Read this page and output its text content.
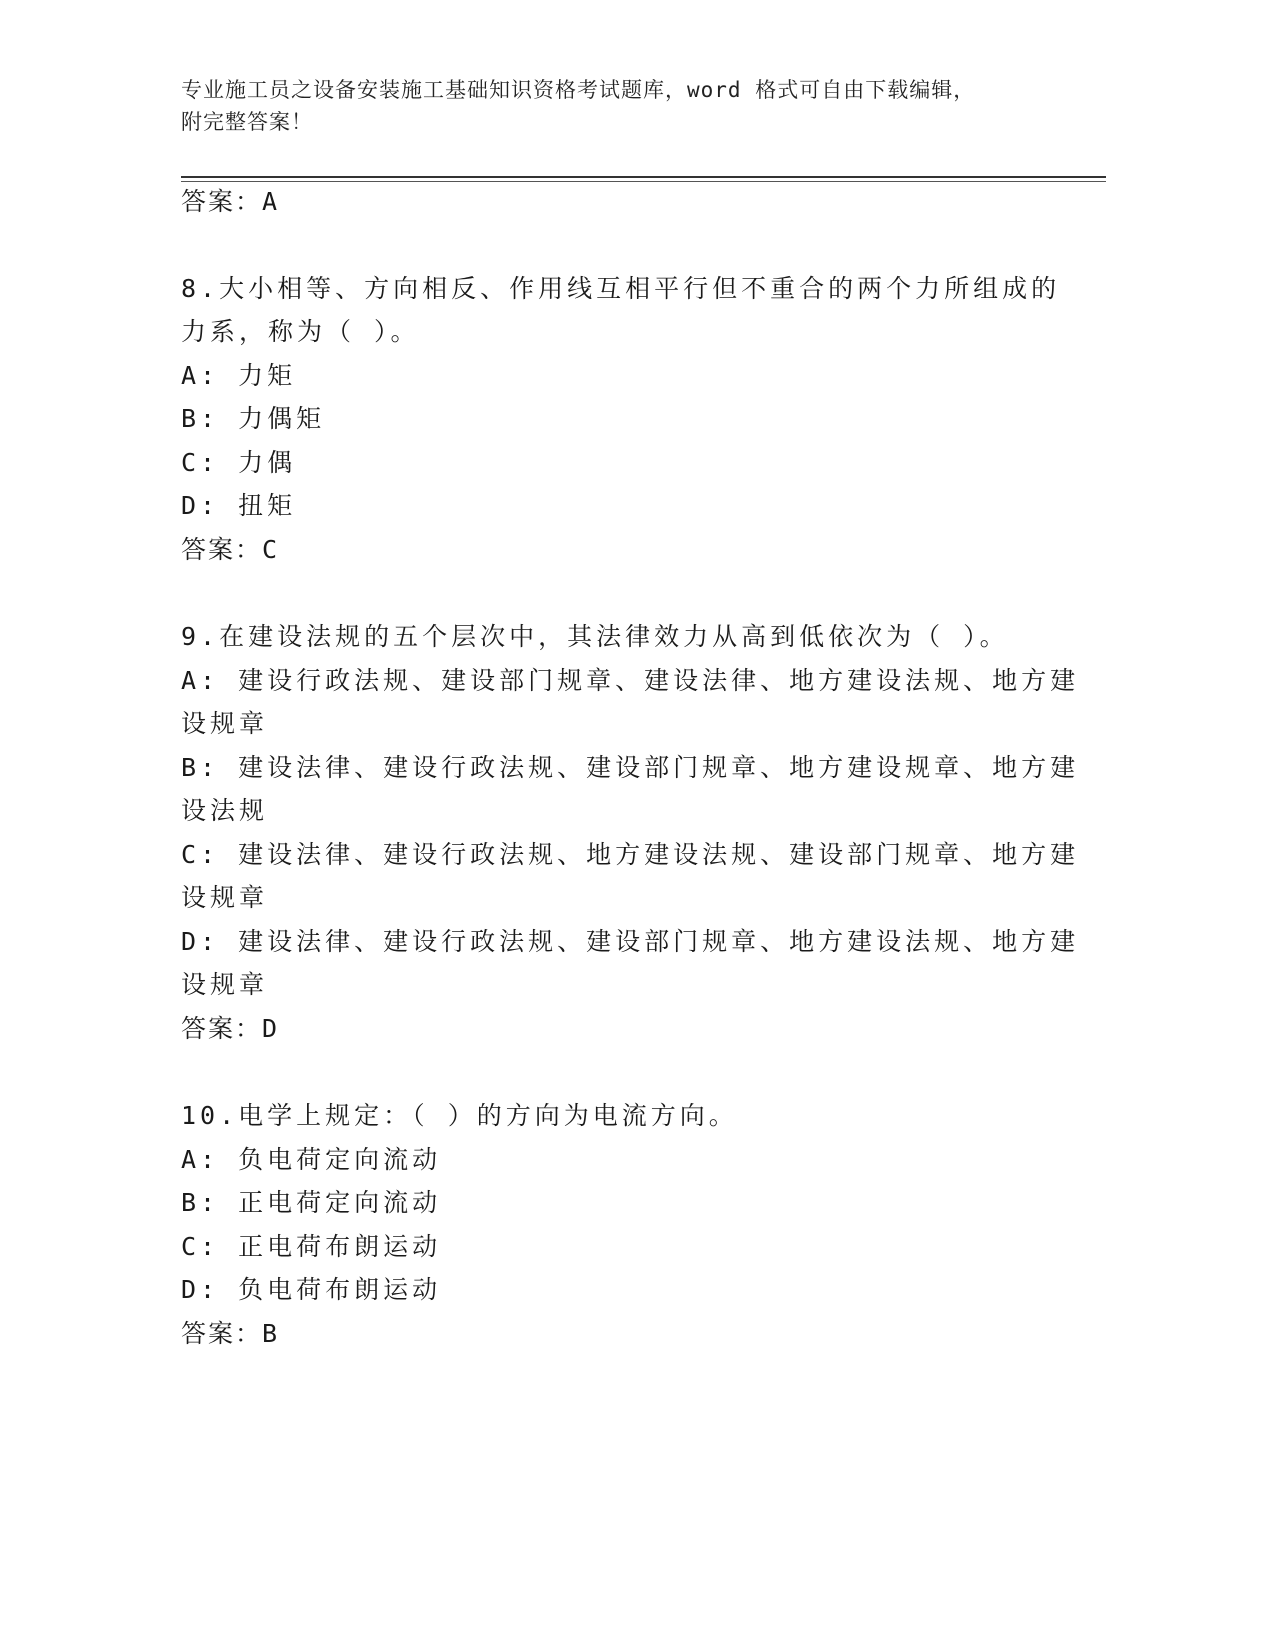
专业施工员之设备安装施工基础知识资格考试题库，word 格式可自由下载编辑，
附完整答案！
答案：A
8.大小相等、方向相反、作用线互相平行但不重合的两个力所组成的
力系，称为（ ）。
A: 力矩
B: 力偶矩
C: 力偶
D: 扭矩
答案：C
9.在建设法规的五个层次中，其法律效力从高到低依次为（ ）。
A: 建设行政法规、建设部门规章、建设法律、地方建设法规、地方建
设规章
B: 建设法律、建设行政法规、建设部门规章、地方建设规章、地方建
设法规
C: 建设法律、建设行政法规、地方建设法规、建设部门规章、地方建
设规章
D: 建设法律、建设行政法规、建设部门规章、地方建设法规、地方建
设规章
答案：D
10.电学上规定：（ ）的方向为电流方向。
A: 负电荷定向流动
B: 正电荷定向流动
C: 正电荷布朗运动
D: 负电荷布朗运动
答案：B
